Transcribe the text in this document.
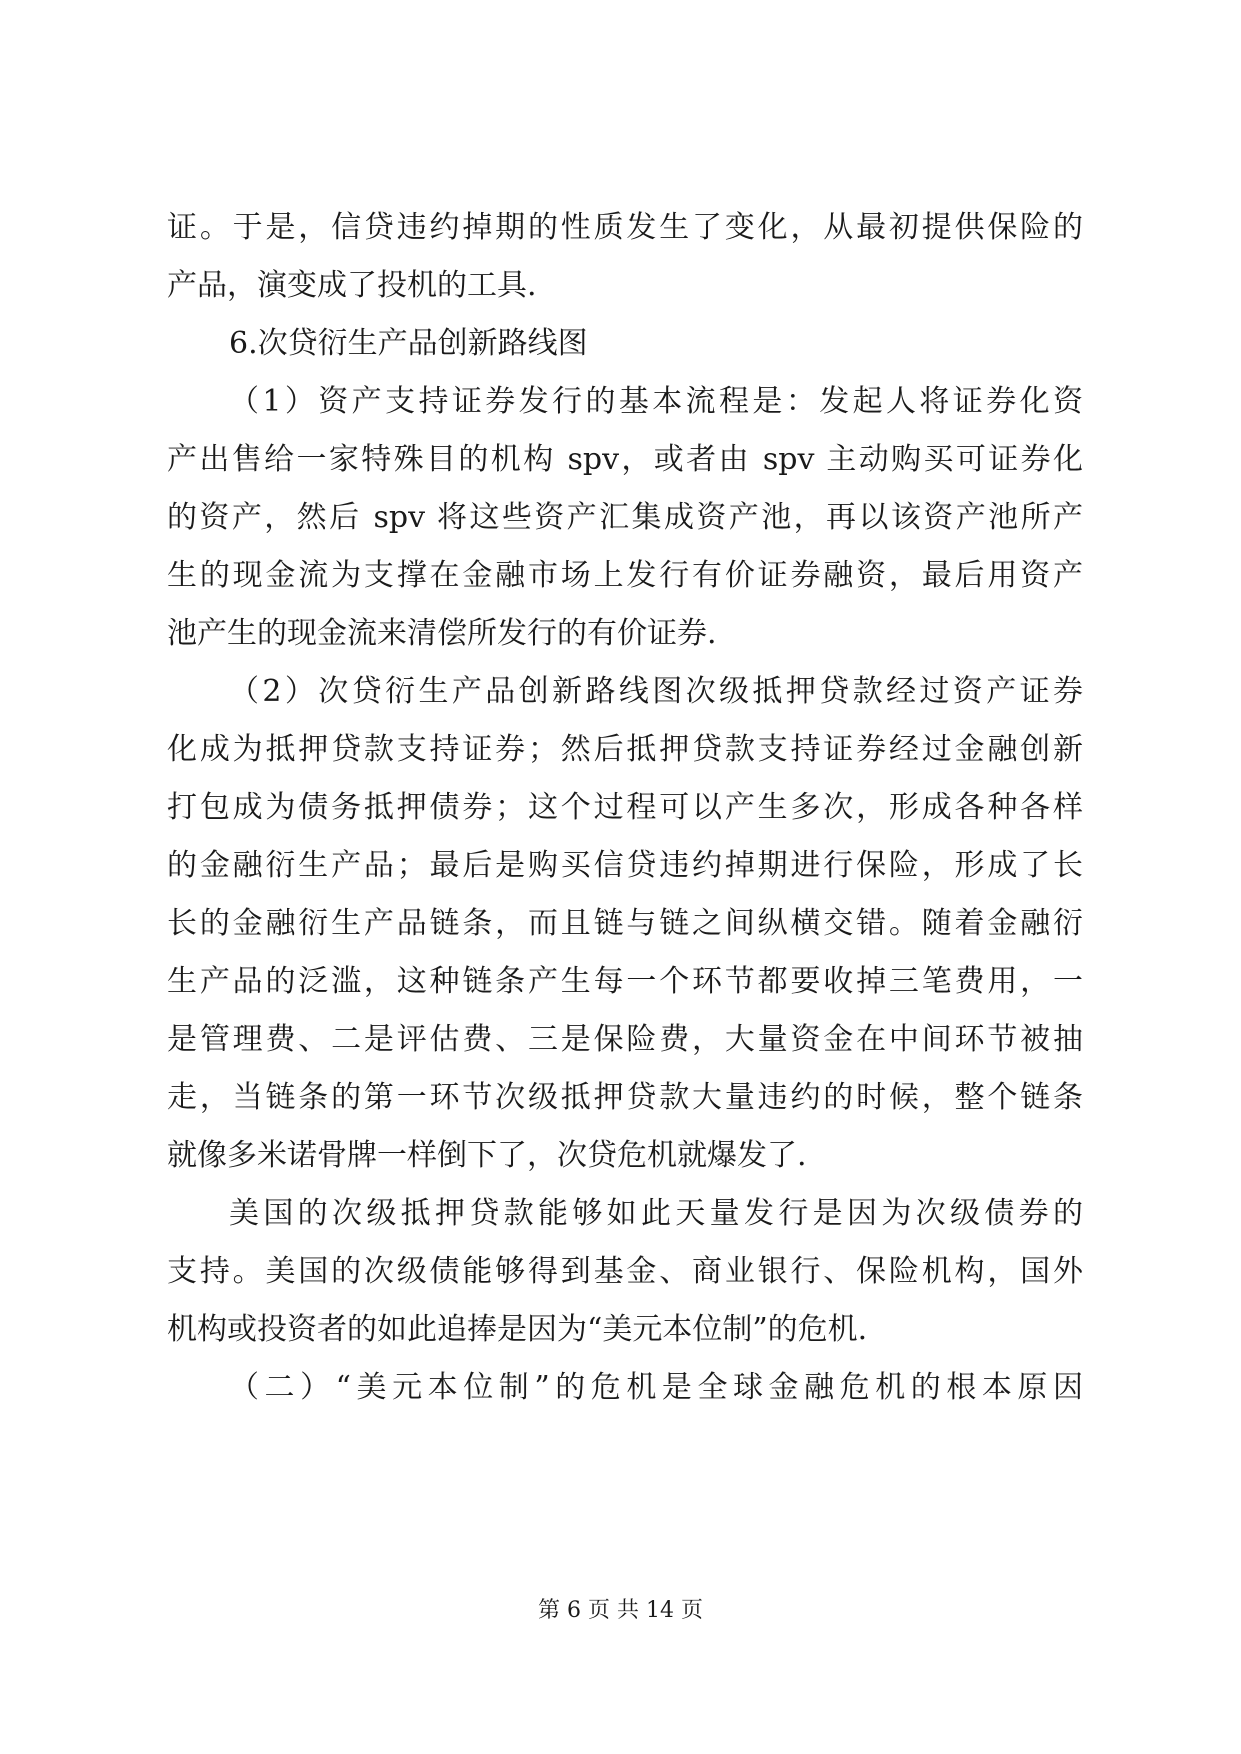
证。于是，信贷违约掉期的性质发生了变化，从最初提供保险的
产品，演变成了投机的工具.
6.次贷衍生产品创新路线图
（1）资产支持证券发行的基本流程是：发起人将证券化资
产出售给一家特殊目的机构 spv，或者由 spv 主动购买可证券化
的资产，然后 spv 将这些资产汇集成资产池，再以该资产池所产
生的现金流为支撑在金融市场上发行有价证券融资，最后用资产
池产生的现金流来清偿所发行的有价证券.
（2）次贷衍生产品创新路线图次级抵押贷款经过资产证券
化成为抵押贷款支持证券；然后抵押贷款支持证券经过金融创新
打包成为债务抵押债券；这个过程可以产生多次，形成各种各样
的金融衍生产品；最后是购买信贷违约掉期进行保险，形成了长
长的金融衍生产品链条，而且链与链之间纵横交错。随着金融衍
生产品的泛滥，这种链条产生每一个环节都要收掉三笔费用，一
是管理费、二是评估费、三是保险费，大量资金在中间环节被抽
走，当链条的第一环节次级抵押贷款大量违约的时候，整个链条
就像多米诺骨牌一样倒下了，次贷危机就爆发了.
美国的次级抵押贷款能够如此天量发行是因为次级债券的
支持。美国的次级债能够得到基金、商业银行、保险机构，国外
机构或投资者的如此追捧是因为“美元本位制”的危机.
（二）“美元本位制”的危机是全球金融危机的根本原因
第 6 页 共 14 页
